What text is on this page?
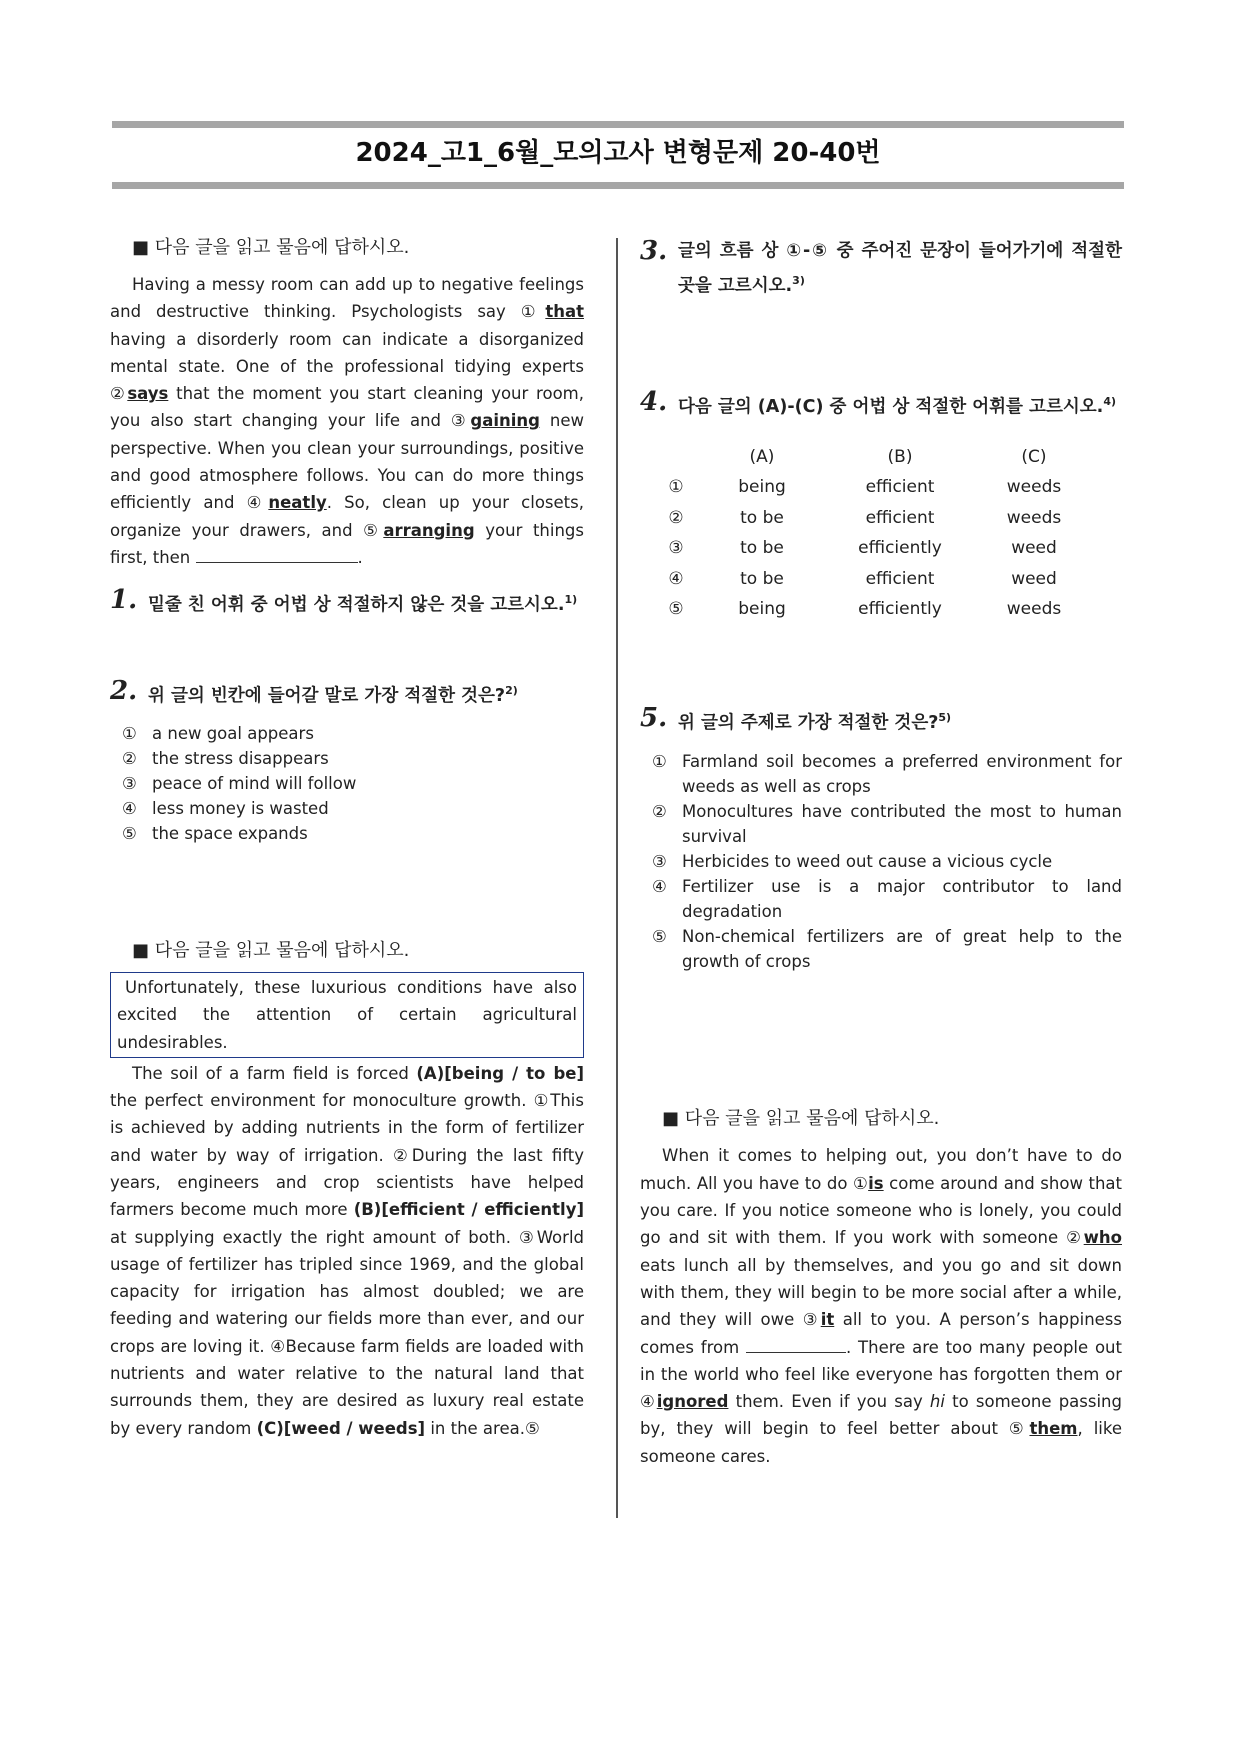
2024_고1_6월_모의고사 변형문제 20-40번

■ 다음 글을 읽고 물음에 답하시오.

Having a messy room can add up to negative feelings and destructive thinking. Psychologists say ①that having a disorderly room can indicate a disorganized mental state. One of the professional tidying experts ②says that the moment you start cleaning your room, you also start changing your life and ③gaining new perspective. When you clean your surroundings, positive and good atmosphere follows. You can do more things efficiently and ④neatly. So, clean up your closets, organize your drawers, and ⑤arranging your things first, then	.

1. 밑줄 친 어휘 중 어법 상 적절하지 않은 것을 고르시오.$^{1)}$
2. 위 글의 빈칸에 들어갈 말로 가장 적절한 것은?$^{2)}$
① a new goal appears
② the stress disappears
③ peace of mind will follow
④ less money is wasted
⑤ the space expands

■ 다음 글을 읽고 물음에 답하시오.

Unfortunately, these luxurious conditions have also excited the attention of certain agricultural undesirables.

The soil of a farm field is forced (A)[being / to be] the perfect environment for monoculture growth. ①This is achieved by adding nutrients in the form of fertilizer and water by way of irrigation. ②During the last fifty years, engineers and crop scientists have helped farmers become much more (B)[efficient / efficiently] at supplying exactly the right amount of both. ③World usage of fertilizer has tripled since 1969, and the global capacity for irrigation has almost doubled; we are feeding and watering our fields more than ever, and our crops are loving it. ④Because farm fields are loaded with nutrients and water relative to the natural land that surrounds them, they are desired as luxury real estate by every random (C)[weed / weeds] in the area.⑤

3. 글의 흐름 상 ①-⑤ 중 주어진 문장이 들어가기에 적절한 곳을 고르시오.$^{3)}$
4. 다음 글의 (A)-(C) 중 어법 상 적절한 어휘를 고르시오.$^{4)}$
	(A)	(B)	(C)
①	being	efficient	weeds
②	to be	efficient	weeds
③	to be	efficiently	weed
④	to be	efficient	weed
⑤	being	efficiently	weeds
5. 위 글의 주제로 가장 적절한 것은?$^{5)}$
① Farmland soil becomes a preferred environment for weeds as well as crops
② Monocultures have contributed the most to human survival
③ Herbicides to weed out cause a vicious cycle
④ Fertilizer use is a major contributor to land degradation
⑤ Non-chemical fertilizers are of great help to the growth of crops

■ 다음 글을 읽고 물음에 답하시오.

When it comes to helping out, you don’t have to do much. All you have to do ①is come around and show that you care. If you notice someone who is lonely, you could go and sit with them. If you work with someone ②who eats lunch all by themselves, and you go and sit down with them, they will begin to be more social after a while, and they will owe ③it all to you. A person’s happiness comes from	. There are too many people out in the world who feel like everyone has forgotten them or ④ignored them. Even if you say hi to someone passing by, they will begin to feel better about ⑤them, like someone cares.
